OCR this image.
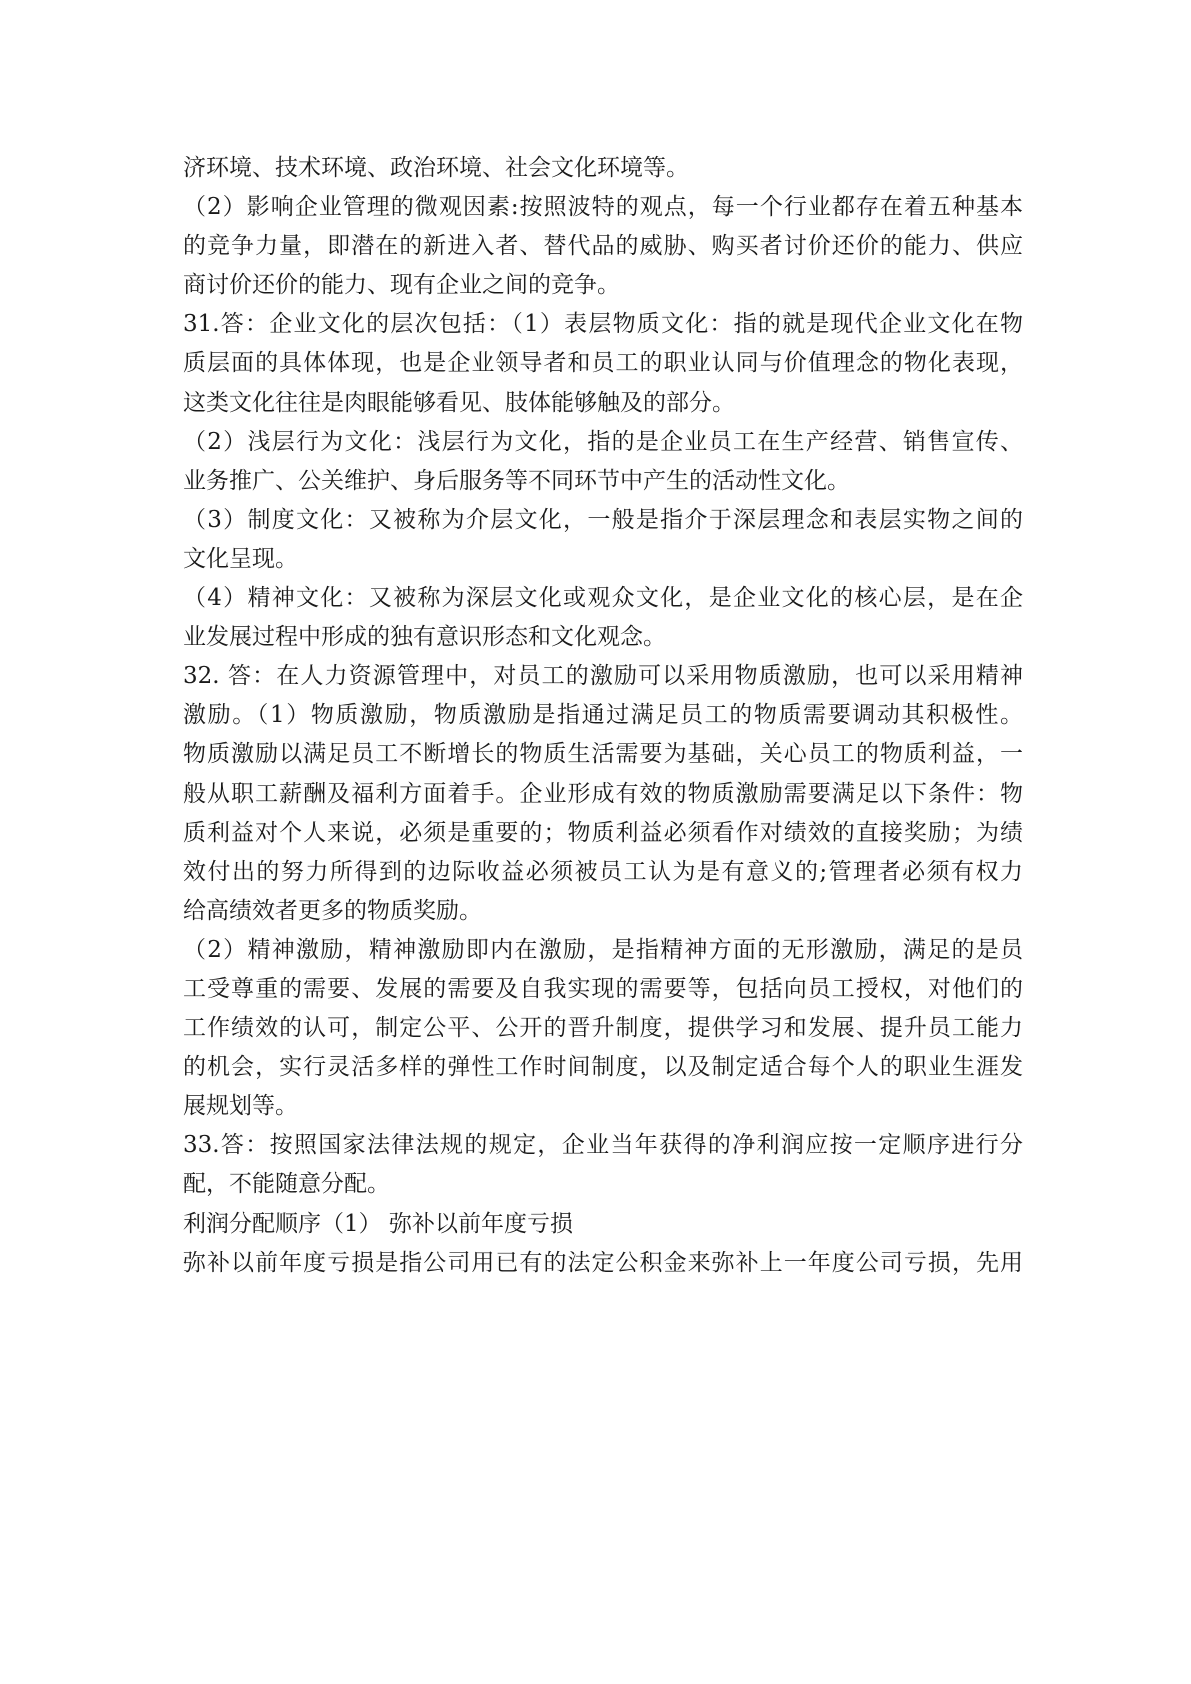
济环境、技术环境、政治环境、社会文化环境等。
（2）影响企业管理的微观因素:按照波特的观点，每一个行业都存在着五种基本
的竞争力量，即潜在的新进入者、替代品的威胁、购买者讨价还价的能力、供应
商讨价还价的能力、现有企业之间的竞争。
31.答：企业文化的层次包括：（1）表层物质文化：指的就是现代企业文化在物
质层面的具体体现，也是企业领导者和员工的职业认同与价值理念的物化表现，
这类文化往往是肉眼能够看见、肢体能够触及的部分。
（2）浅层行为文化：浅层行为文化，指的是企业员工在生产经营、销售宣传、
业务推广、公关维护、身后服务等不同环节中产生的活动性文化。
（3）制度文化：又被称为介层文化，一般是指介于深层理念和表层实物之间的
文化呈现。
（4）精神文化：又被称为深层文化或观众文化，是企业文化的核心层，是在企
业发展过程中形成的独有意识形态和文化观念。
32. 答：在人力资源管理中，对员工的激励可以采用物质激励，也可以采用精神
激励。（1）物质激励，物质激励是指通过满足员工的物质需要调动其积极性。
物质激励以满足员工不断增长的物质生活需要为基础，关心员工的物质利益，一
般从职工薪酬及福利方面着手。企业形成有效的物质激励需要满足以下条件：物
质利益对个人来说，必须是重要的；物质利益必须看作对绩效的直接奖励；为绩
效付出的努力所得到的边际收益必须被员工认为是有意义的;管理者必须有权力
给高绩效者更多的物质奖励。
（2）精神激励，精神激励即内在激励，是指精神方面的无形激励，满足的是员
工受尊重的需要、发展的需要及自我实现的需要等，包括向员工授权，对他们的
工作绩效的认可，制定公平、公开的晋升制度，提供学习和发展、提升员工能力
的机会，实行灵活多样的弹性工作时间制度，以及制定适合每个人的职业生涯发
展规划等。
33.答：按照国家法律法规的规定，企业当年获得的净利润应按一定顺序进行分
配，不能随意分配。
利润分配顺序（1） 弥补以前年度亏损
弥补以前年度亏损是指公司用已有的法定公积金来弥补上一年度公司亏损，先用
